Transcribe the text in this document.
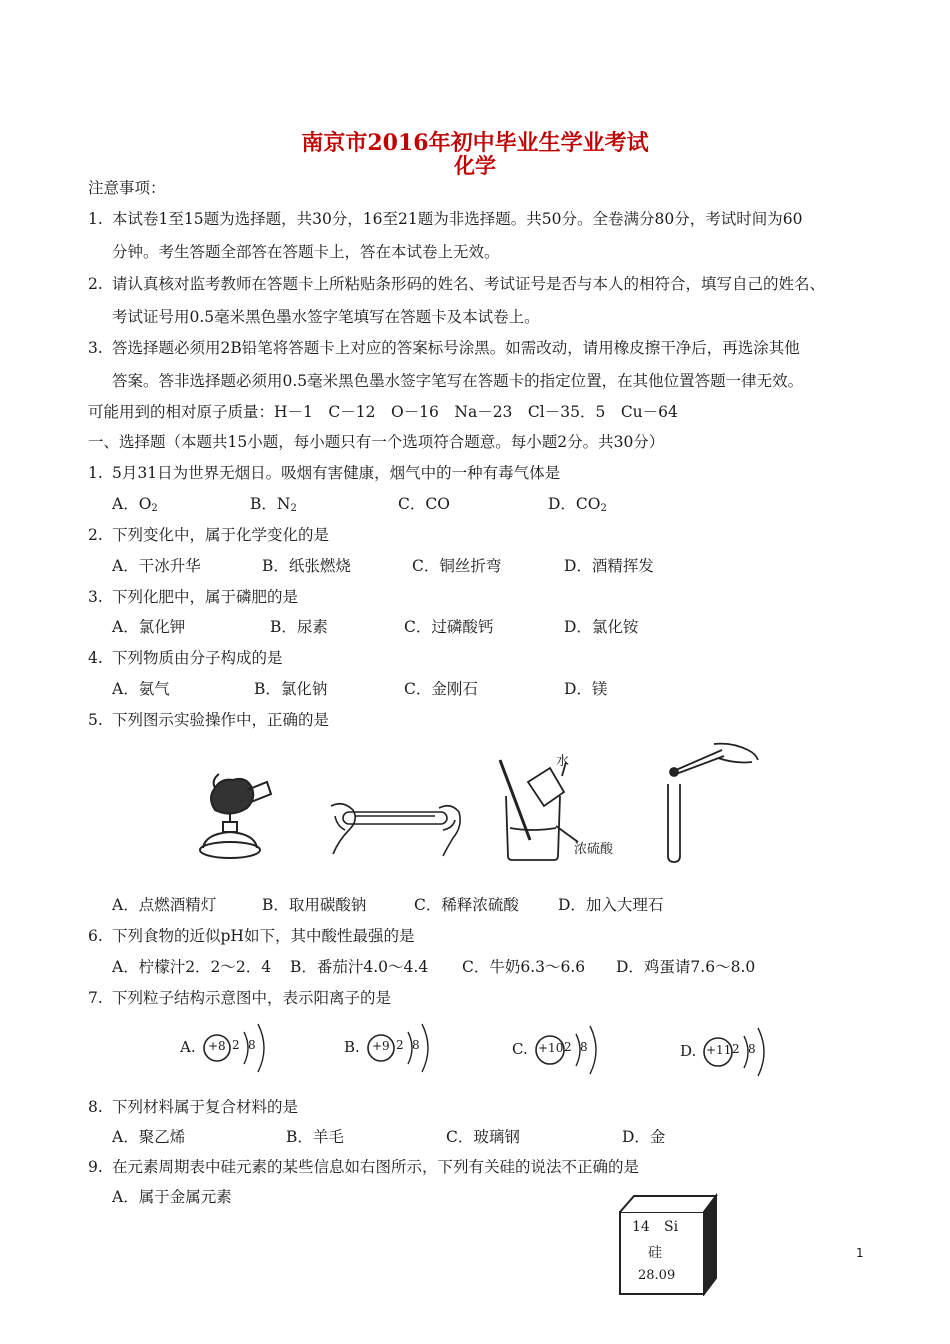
南京市2016年初中毕业生学业考试
化学
注意事项：
1. 本试卷1至15题为选择题，共30分，16至21题为非选择题。共50分。全卷满分80分，考试时间为60
分钟。考生答题全部答在答题卡上，答在本试卷上无效。
2. 请认真核对监考教师在答题卡上所粘贴条形码的姓名、考试证号是否与本人的相符合，填写自己的姓名、
考试证号用0.5毫米黑色墨水签字笔填写在答题卡及本试卷上。
3. 答选择题必须用2B铅笔将答题卡上对应的答案标号涂黑。如需改动，请用橡皮擦干净后，再选涂其他
答案。答非选择题必须用0.5毫米黑色墨水签字笔写在答题卡的指定位置，在其他位置答题一律无效。
可能用到的相对原子质量：H－1　C－12　O－16　Na－23　Cl－35．5　Cu－64
一、选择题（本题共15小题，每小题只有一个选项符合题意。每小题2分。共30分）
1. 5月31日为世界无烟日。吸烟有害健康，烟气中的一种有毒气体是
A．$O_2$	B．$N_2$	C．CO	D．$CO_2$
2. 下列变化中，属于化学变化的是
A．干冰升华	B．纸张燃烧	C．铜丝折弯	D．酒精挥发
3. 下列化肥中，属于磷肥的是
A．氯化钾	B．尿素	C．过磷酸钙	D．氯化铵
4. 下列物质由分子构成的是
A．氨气	B．氯化钠	C．金刚石	D．镁
5. 下列图示实验操作中，正确的是
水
浓硫酸
A．点燃酒精灯	B．取用碳酸钠	C．稀释浓硫酸	D．加入大理石
6. 下列食物的近似pH如下，其中酸性最强的是
A．柠檬汁2．2～2．4 B．番茄汁4.0～4.4 C．牛奶6.3～6.6 D．鸡蛋请7.6～8.0
7. 下列粒子结构示意图中，表示阳离子的是
A. +8 2 8	B. +9 2 8	C. +10 2 8	D. +11 2 8
8. 下列材料属于复合材料的是
A．聚乙烯	B．羊毛	C．玻璃钢	D．金
9. 在元素周期表中硅元素的某些信息如右图所示，下列有关硅的说法不正确的是
A．属于金属元素
14 Si
硅
28.09
1
